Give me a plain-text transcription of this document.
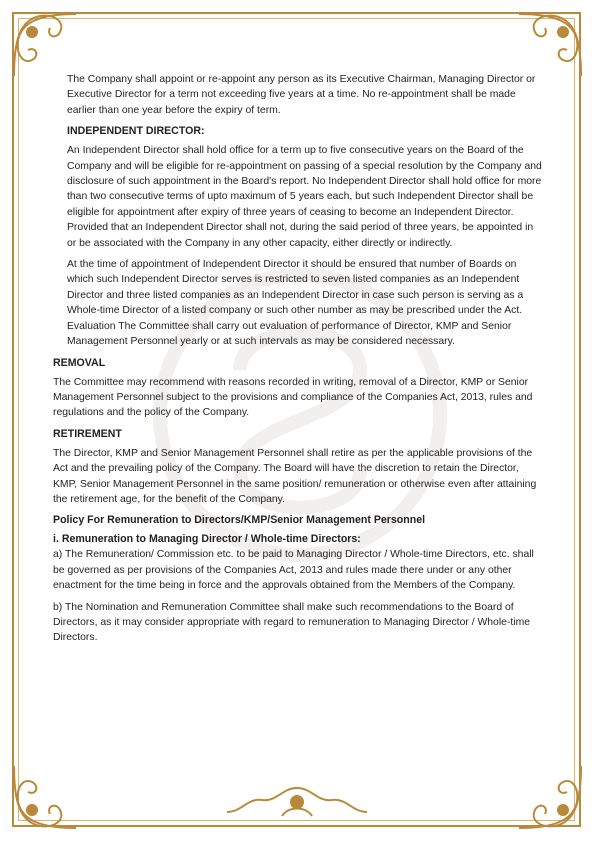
The Company shall appoint or re-appoint any person as its Executive Chairman, Managing Director or Executive Director for a term not exceeding five years at a time. No re-appointment shall be made earlier than one year before the expiry of term.

INDEPENDENT DIRECTOR:

An Independent Director shall hold office for a term up to five consecutive years on the Board of the Company and will be eligible for re-appointment on passing of a special resolution by the Company and disclosure of such appointment in the Board's report. No Independent Director shall hold office for more than two consecutive terms of upto maximum of 5 years each, but such Independent Director shall be eligible for appointment after expiry of three years of ceasing to become an Independent Director. Provided that an Independent Director shall not, during the said period of three years, be appointed in or be associated with the Company in any other capacity, either directly or indirectly.

At the time of appointment of Independent Director it should be ensured that number of Boards on which such Independent Director serves is restricted to seven listed companies as an Independent Director and three listed companies as an Independent Director in case such person is serving as a Whole-time Director of a listed company or such other number as may be prescribed under the Act. Evaluation The Committee shall carry out evaluation of performance of Director, KMP and Senior Management Personnel yearly or at such intervals as may be considered necessary.

REMOVAL

The Committee may recommend with reasons recorded in writing, removal of a Director, KMP or Senior Management Personnel subject to the provisions and compliance of the Companies Act, 2013, rules and regulations and the policy of the Company.

RETIREMENT

The Director, KMP and Senior Management Personnel shall retire as per the applicable provisions of the Act and the prevailing policy of the Company. The Board will have the discretion to retain the Director, KMP, Senior Management Personnel in the same position/ remuneration or otherwise even after attaining the retirement age, for the benefit of the Company.

Policy For Remuneration to Directors/KMP/Senior Management Personnel
i. Remuneration to Managing Director / Whole-time Directors:

a) The Remuneration/ Commission etc. to be paid to Managing Director / Whole-time Directors, etc. shall be governed as per provisions of the Companies Act, 2013 and rules made there under or any other enactment for the time being in force and the approvals obtained from the Members of the Company.

b) The Nomination and Remuneration Committee shall make such recommendations to the Board of Directors, as it may consider appropriate with regard to remuneration to Managing Director / Whole-time Directors.
